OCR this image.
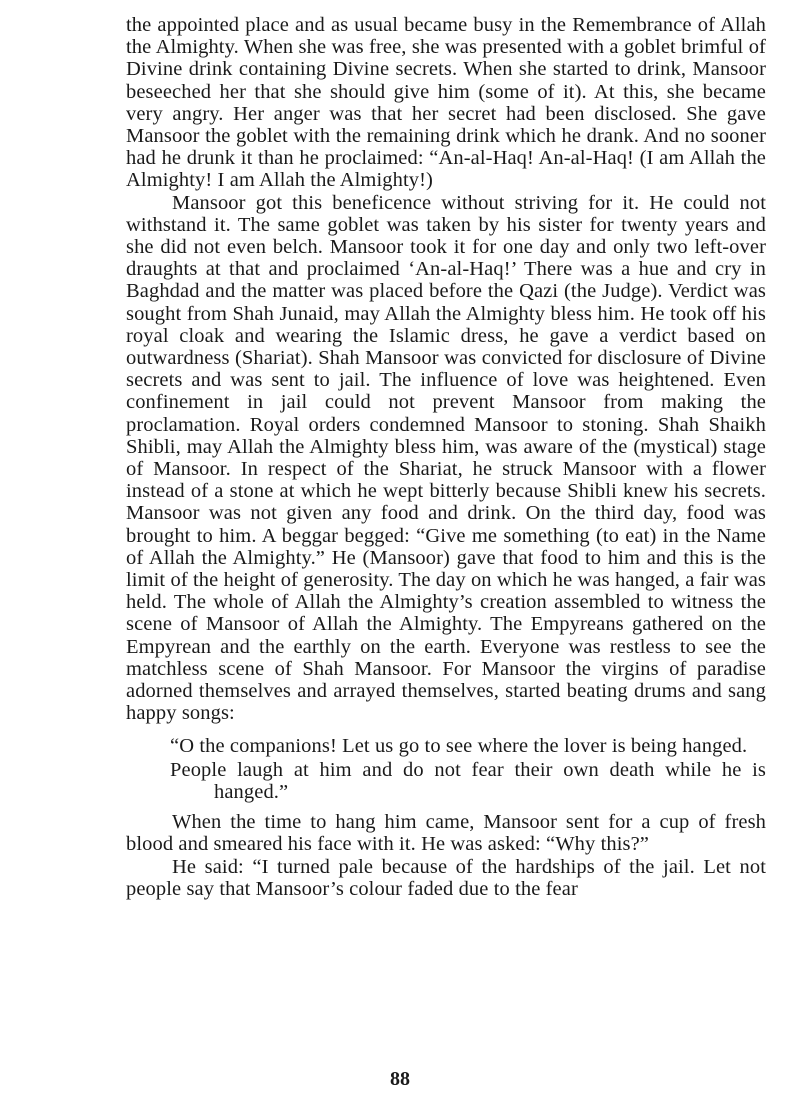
the appointed place and as usual became busy in the Remembrance of Allah the Almighty. When she was free, she was presented with a goblet brimful of Divine drink containing Divine secrets. When she started to drink, Mansoor beseeched her that she should give him (some of it). At this, she became very angry. Her anger was that her secret had been disclosed. She gave Mansoor the goblet with the remaining drink which he drank. And no sooner had he drunk it than he proclaimed: “An-al-Haq! An-al-Haq! (I am Allah the Almighty! I am Allah the Almighty!)

Mansoor got this beneficence without striving for it. He could not withstand it. The same goblet was taken by his sister for twenty years and she did not even belch. Mansoor took it for one day and only two left-over draughts at that and proclaimed ‘An-al-Haq!’ There was a hue and cry in Baghdad and the matter was placed before the Qazi (the Judge). Verdict was sought from Shah Junaid, may Allah the Almighty bless him. He took off his royal cloak and wearing the Islamic dress, he gave a verdict based on outwardness (Shariat). Shah Mansoor was convicted for disclosure of Divine secrets and was sent to jail. The influence of love was heightened. Even confinement in jail could not prevent Mansoor from making the proclamation. Royal orders condemned Mansoor to stoning. Shah Shaikh Shibli, may Allah the Almighty bless him, was aware of the (mystical) stage of Mansoor. In respect of the Shariat, he struck Mansoor with a flower instead of a stone at which he wept bitterly because Shibli knew his secrets. Mansoor was not given any food and drink. On the third day, food was brought to him. A beggar begged: “Give me something (to eat) in the Name of Allah the Almighty.” He (Mansoor) gave that food to him and this is the limit of the height of generosity. The day on which he was hanged, a fair was held. The whole of Allah the Almighty’s creation assembled to witness the scene of Mansoor of Allah the Almighty. The Empyreans gathered on the Empyrean and the earthly on the earth. Everyone was restless to see the matchless scene of Shah Mansoor. For Mansoor the virgins of paradise adorned themselves and arrayed themselves, started beating drums and sang happy songs:

“O the companions! Let us go to see where the lover is being hanged.

People laugh at him and do not fear their own death while he is hanged.”

When the time to hang him came, Mansoor sent for a cup of fresh blood and smeared his face with it. He was asked: “Why this?”

He said: “I turned pale because of the hardships of the jail. Let not people say that Mansoor’s colour faded due to the fear

88
